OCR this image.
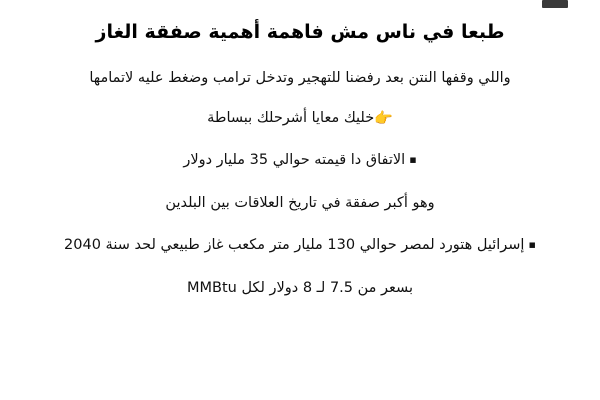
طبعا في ناس مش فاهمة أهمية صفقة الغاز

واللي وقفها النتن بعد رفضنا للتهجير وتدخل ترامب وضغط عليه لاتمامها

👉خليك معايا أشرحلك ببساطة

▪الاتفاق دا قيمته حوالي 35 مليار دولار

وهو أكبر صفقة في تاريخ العلاقات بين البلدين

▪إسرائيل هتورد لمصر حوالي 130 مليار متر مكعب غاز طبيعي لحد سنة 2040

بسعر من 7.5 لـ 8 دولار لكل MMBtu
